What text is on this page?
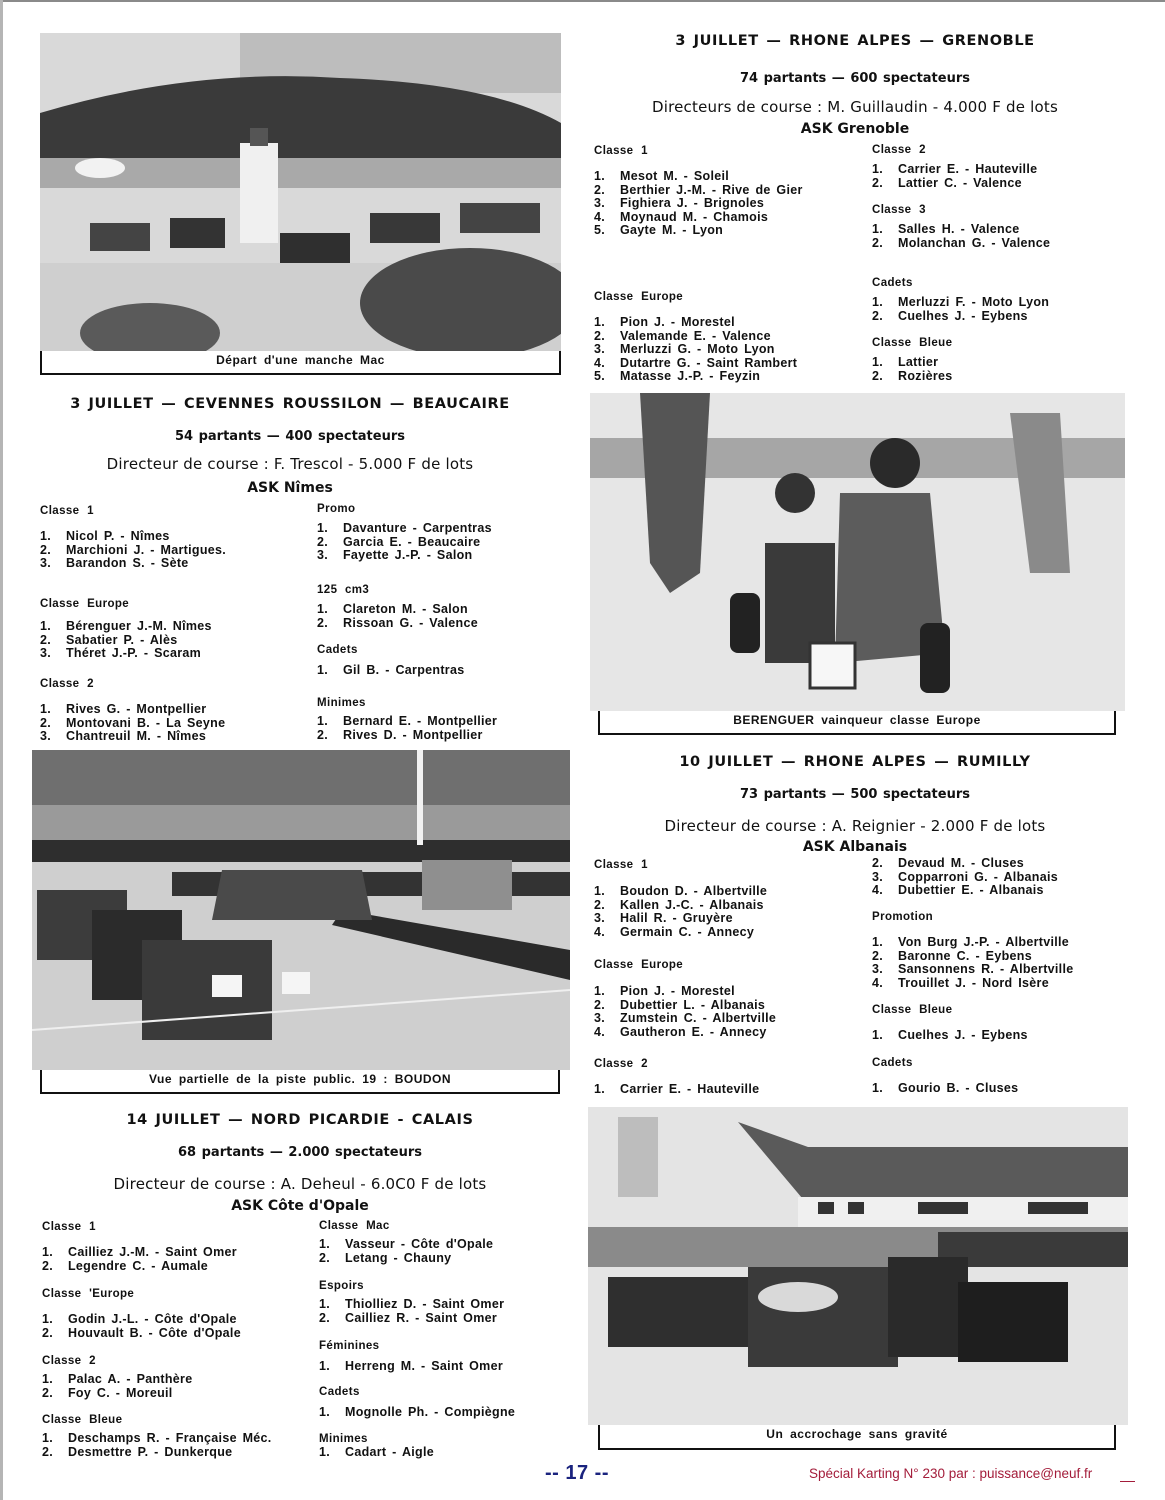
Départ d'une manche Mac
3 JUILLET — RHONE ALPES — GRENOBLE
74 partants — 600 spectateurs
Directeurs de course : M. Guillaudin - 4.000 F de lots
ASK Grenoble
Classe 1
1. Mesot M. - Soleil
2. Berthier J.-M. - Rive de Gier
3. Fighiera J. - Brignoles
4. Moynaud M. - Chamois
5. Gayte M. - Lyon
Classe Europe
1. Pion J. - Morestel
2. Valemande E. - Valence
3. Merluzzi G. - Moto Lyon
4. Dutartre G. - Saint Rambert
5. Matasse J.-P. - Feyzin
Classe 2
1. Carrier E. - Hauteville
2. Lattier C. - Valence
Classe 3
1. Salles H. - Valence
2. Molanchan G. - Valence
Cadets
1. Merluzzi F. - Moto Lyon
2. Cuelhes J. - Eybens
Classe Bleue
1. Lattier
2. Rozières
3 JUILLET — CEVENNES ROUSSILON — BEAUCAIRE
54 partants — 400 spectateurs
Directeur de course : F. Trescol - 5.000 F de lots
ASK Nîmes
Classe 1
1. Nicol P. - Nîmes
2. Marchioni J. - Martigues.
3. Barandon S. - Sète
Classe Europe
1. Bérenguer J.-M. Nîmes
2. Sabatier P. - Alès
3. Théret J.-P. - Scaram
Classe 2
1. Rives G. - Montpellier
2. Montovani B. - La Seyne
3. Chantreuil M. - Nîmes
Promo
1. Davanture - Carpentras
2. Garcia E. - Beaucaire
3. Fayette J.-P. - Salon
125 cm3
1. Clareton M. - Salon
2. Rissoan G. - Valence
Cadets
1. Gil B. - Carpentras
Minimes
1. Bernard E. - Montpellier
2. Rives D. - Montpellier
BERENGUER vainqueur classe Europe
10 JUILLET — RHONE ALPES — RUMILLY
73 partants — 500 spectateurs
Directeur de course : A. Reignier - 2.000 F de lots
ASK Albanais
Classe 1
1. Boudon D. - Albertville
2. Kallen J.-C. - Albanais
3. Halil R. - Gruyère
4. Germain C. - Annecy
Classe Europe
1. Pion J. - Morestel
2. Dubettier L. - Albanais
3. Zumstein C. - Albertville
4. Gautheron E. - Annecy
Classe 2
1. Carrier E. - Hauteville
2. Devaud M. - Cluses
3. Copparroni G. - Albanais
4. Dubettier E. - Albanais
Promotion
1. Von Burg J.-P. - Albertville
2. Baronne C. - Eybens
3. Sansonnens R. - Albertville
4. Trouillet J. - Nord Isère
Classe Bleue
1. Cuelhes J. - Eybens
Cadets
1. Gourio B. - Cluses
Vue partielle de la piste public. 19 : BOUDON
14 JUILLET — NORD PICARDIE - CALAIS
68 partants — 2.000 spectateurs
Directeur de course : A. Deheul - 6.0C0 F de lots
ASK Côte d'Opale
Classe 1
1. Cailliez J.-M. - Saint Omer
2. Legendre C. - Aumale
Classe 'Europe
1. Godin J.-L. - Côte d'Opale
2. Houvault B. - Côte d'Opale
Classe 2
1. Palac A. - Panthère
2. Foy C. - Moreuil
Classe Bleue
1. Deschamps R. - Française Méc.
2. Desmettre P. - Dunkerque
Classe Mac
1. Vasseur - Côte d'Opale
2. Letang - Chauny
Espoirs
1. Thiolliez D. - Saint Omer
2. Cailliez R. - Saint Omer
Féminines
1. Herreng M. - Saint Omer
Cadets
1. Mognolle Ph. - Compiègne
Minimes
1. Cadart - Aigle
Un accrochage sans gravité
-- 17 --	Spécial Karting N° 230 par : puissance@neuf.fr
